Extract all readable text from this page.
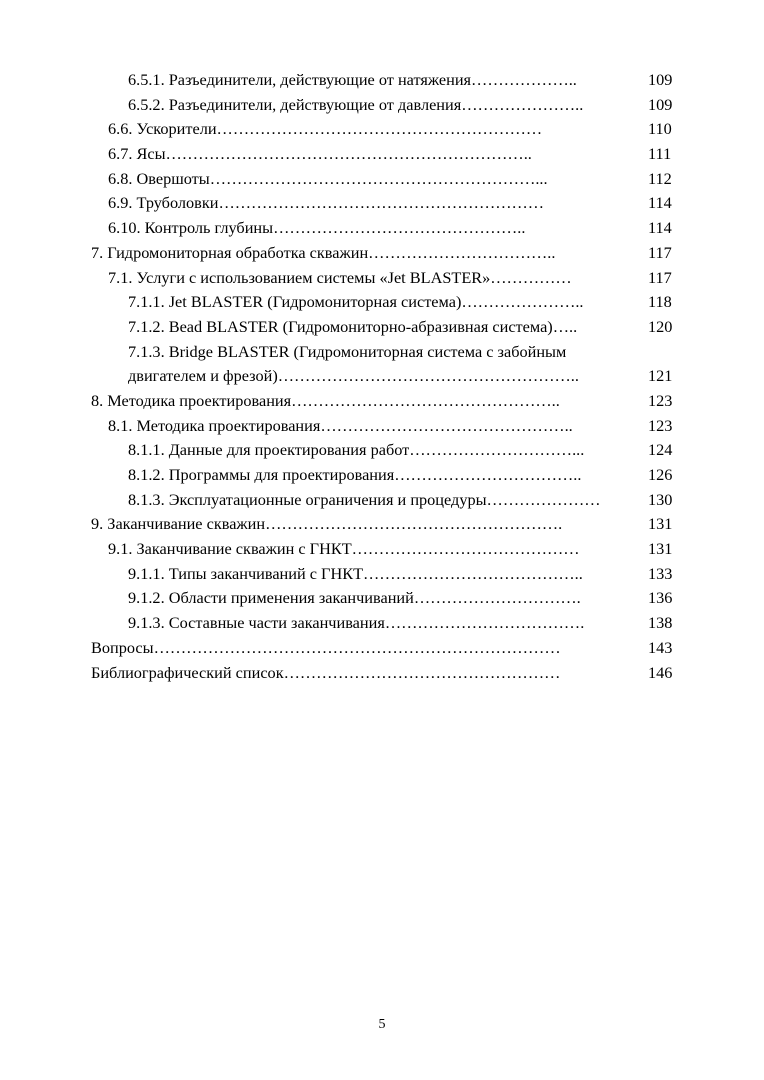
6.5.1. Разъединители, действующие от натяжения………………..	109
6.5.2. Разъединители, действующие от давления…………………..	109
6.6. Ускорители……………………………………………………	110
6.7. Ясы…………………………………………………………..	111
6.8. Овершоты……………………………………………………...	112
6.9. Труболовки……………………………………………………	114
6.10. Контроль глубины………………………………………..	114
7. Гидромониторная обработка скважин……………………………..	117
7.1. Услуги с использованием системы «Jet BLASTER»……………	117
7.1.1. Jet BLASTER (Гидромониторная система)…………………..	118
7.1.2. Bead BLASTER (Гидромониторно-абразивная система)…..	120
7.1.3. Bridge BLASTER (Гидромониторная система с забойным двигателем и фрезой)………………………………………………..	121
8. Методика проектирования…………………………………………..	123
8.1. Методика проектирования………………………………………..	123
8.1.1. Данные для проектирования работ…………………………...	124
8.1.2. Программы для проектирования……………………………..	126
8.1.3. Эксплуатационные ограничения и процедуры…………………	130
9. Заканчивание скважин……………………………………………….	131
9.1. Заканчивание скважин с ГНКТ……………………………………	131
9.1.1. Типы заканчиваний с ГНКТ…………………………………..	133
9.1.2. Области применения заканчиваний………………………….	136
9.1.3. Составные части заканчивания……………………………….	138
Вопросы…………………………………………………………………	143
Библиографический список……………………………………………	146
5
